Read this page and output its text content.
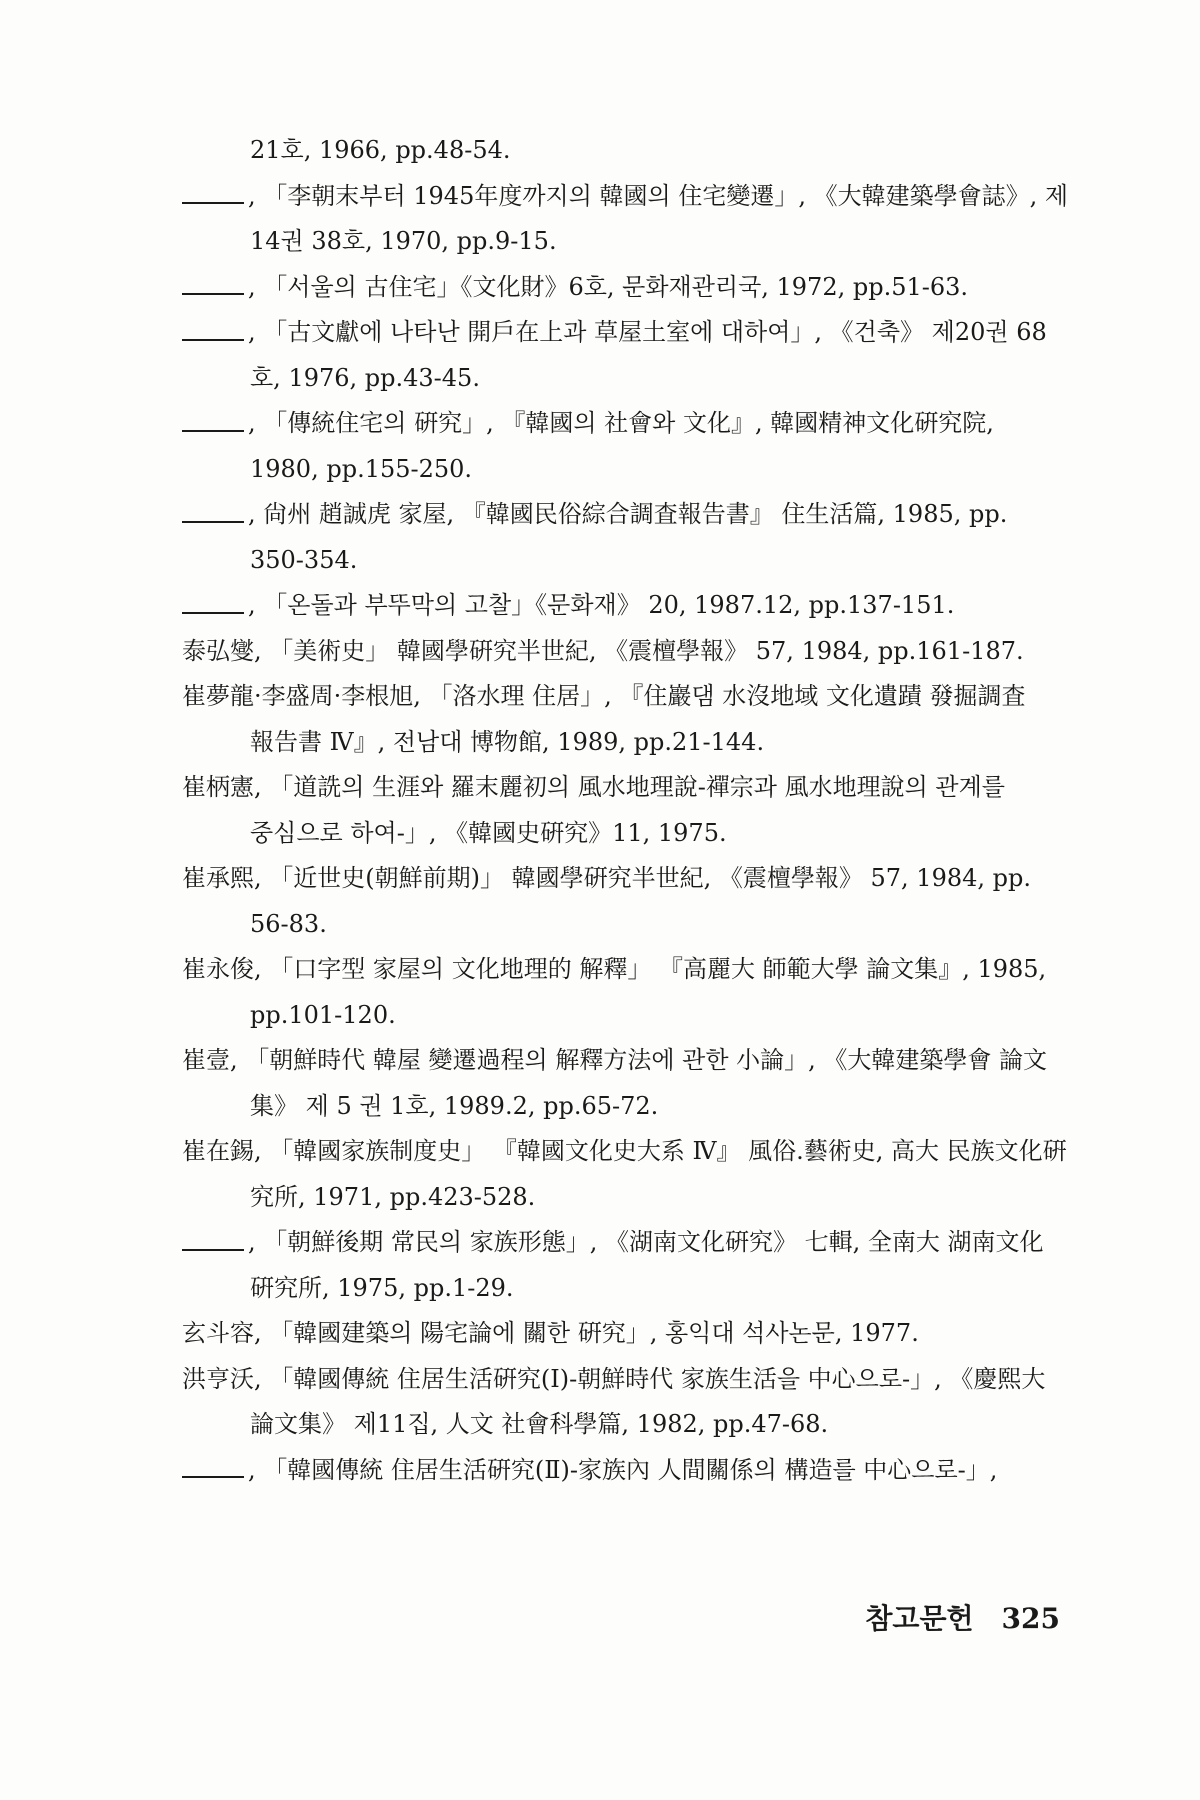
21호, 1966, pp.48-54.
, 「李朝末부터 1945年度까지의 韓國의 住宅變遷」, 《大韓建築學會誌》, 제
14권 38호, 1970, pp.9-15.
, 「서울의 古住宅」《文化財》6호, 문화재관리국, 1972, pp.51-63.
, 「古文獻에 나타난 開戶在上과 草屋土室에 대하여」, 《건축》 제20권 68
호, 1976, pp.43-45.
, 「傳統住宅의 硏究」, 『韓國의 社會와 文化』, 韓國精神文化硏究院,
1980, pp.155-250.
, 尙州 趙誠虎 家屋, 『韓國民俗綜合調査報告書』 住生活篇, 1985, pp.
350-354.
, 「온돌과 부뚜막의 고찰」《문화재》 20, 1987.12, pp.137-151.
泰弘燮, 「美術史」 韓國學硏究半世紀, 《震檀學報》 57, 1984, pp.161-187.
崔夢龍·李盛周·李根旭, 「洛水理 住居」, 『住巖댐 水沒地域 文化遺蹟 發掘調査
報告書 Ⅳ』, 전남대 博物館, 1989, pp.21-144.
崔柄憲, 「道詵의 生涯와 羅末麗初의 風水地理說-禪宗과 風水地理說의 관계를
중심으로 하여-」, 《韓國史硏究》11, 1975.
崔承熙, 「近世史(朝鮮前期)」 韓國學硏究半世紀, 《震檀學報》 57, 1984, pp.
56-83.
崔永俊, 「口字型 家屋의 文化地理的 解釋」 『高麗大 師範大學 論文集』, 1985,
pp.101-120.
崔壹, 「朝鮮時代 韓屋 變遷過程의 解釋方法에 관한 小論」, 《大韓建築學會 論文
集》 제 5 권 1호, 1989.2, pp.65-72.
崔在錫, 「韓國家族制度史」 『韓國文化史大系 Ⅳ』 風俗.藝術史, 高大 民族文化硏
究所, 1971, pp.423-528.
, 「朝鮮後期 常民의 家族形態」, 《湖南文化硏究》 七輯, 全南大 湖南文化
硏究所, 1975, pp.1-29.
玄斗容, 「韓國建築의 陽宅論에 關한 硏究」, 홍익대 석사논문, 1977.
洪亨沃, 「韓國傳統 住居生活硏究(Ⅰ)-朝鮮時代 家族生活을 中心으로-」, 《慶熙大
論文集》 제11집, 人文 社會科學篇, 1982, pp.47-68.
, 「韓國傳統 住居生活硏究(Ⅱ)-家族內 人間關係의 構造를 中心으로-」,
참고문헌 325
